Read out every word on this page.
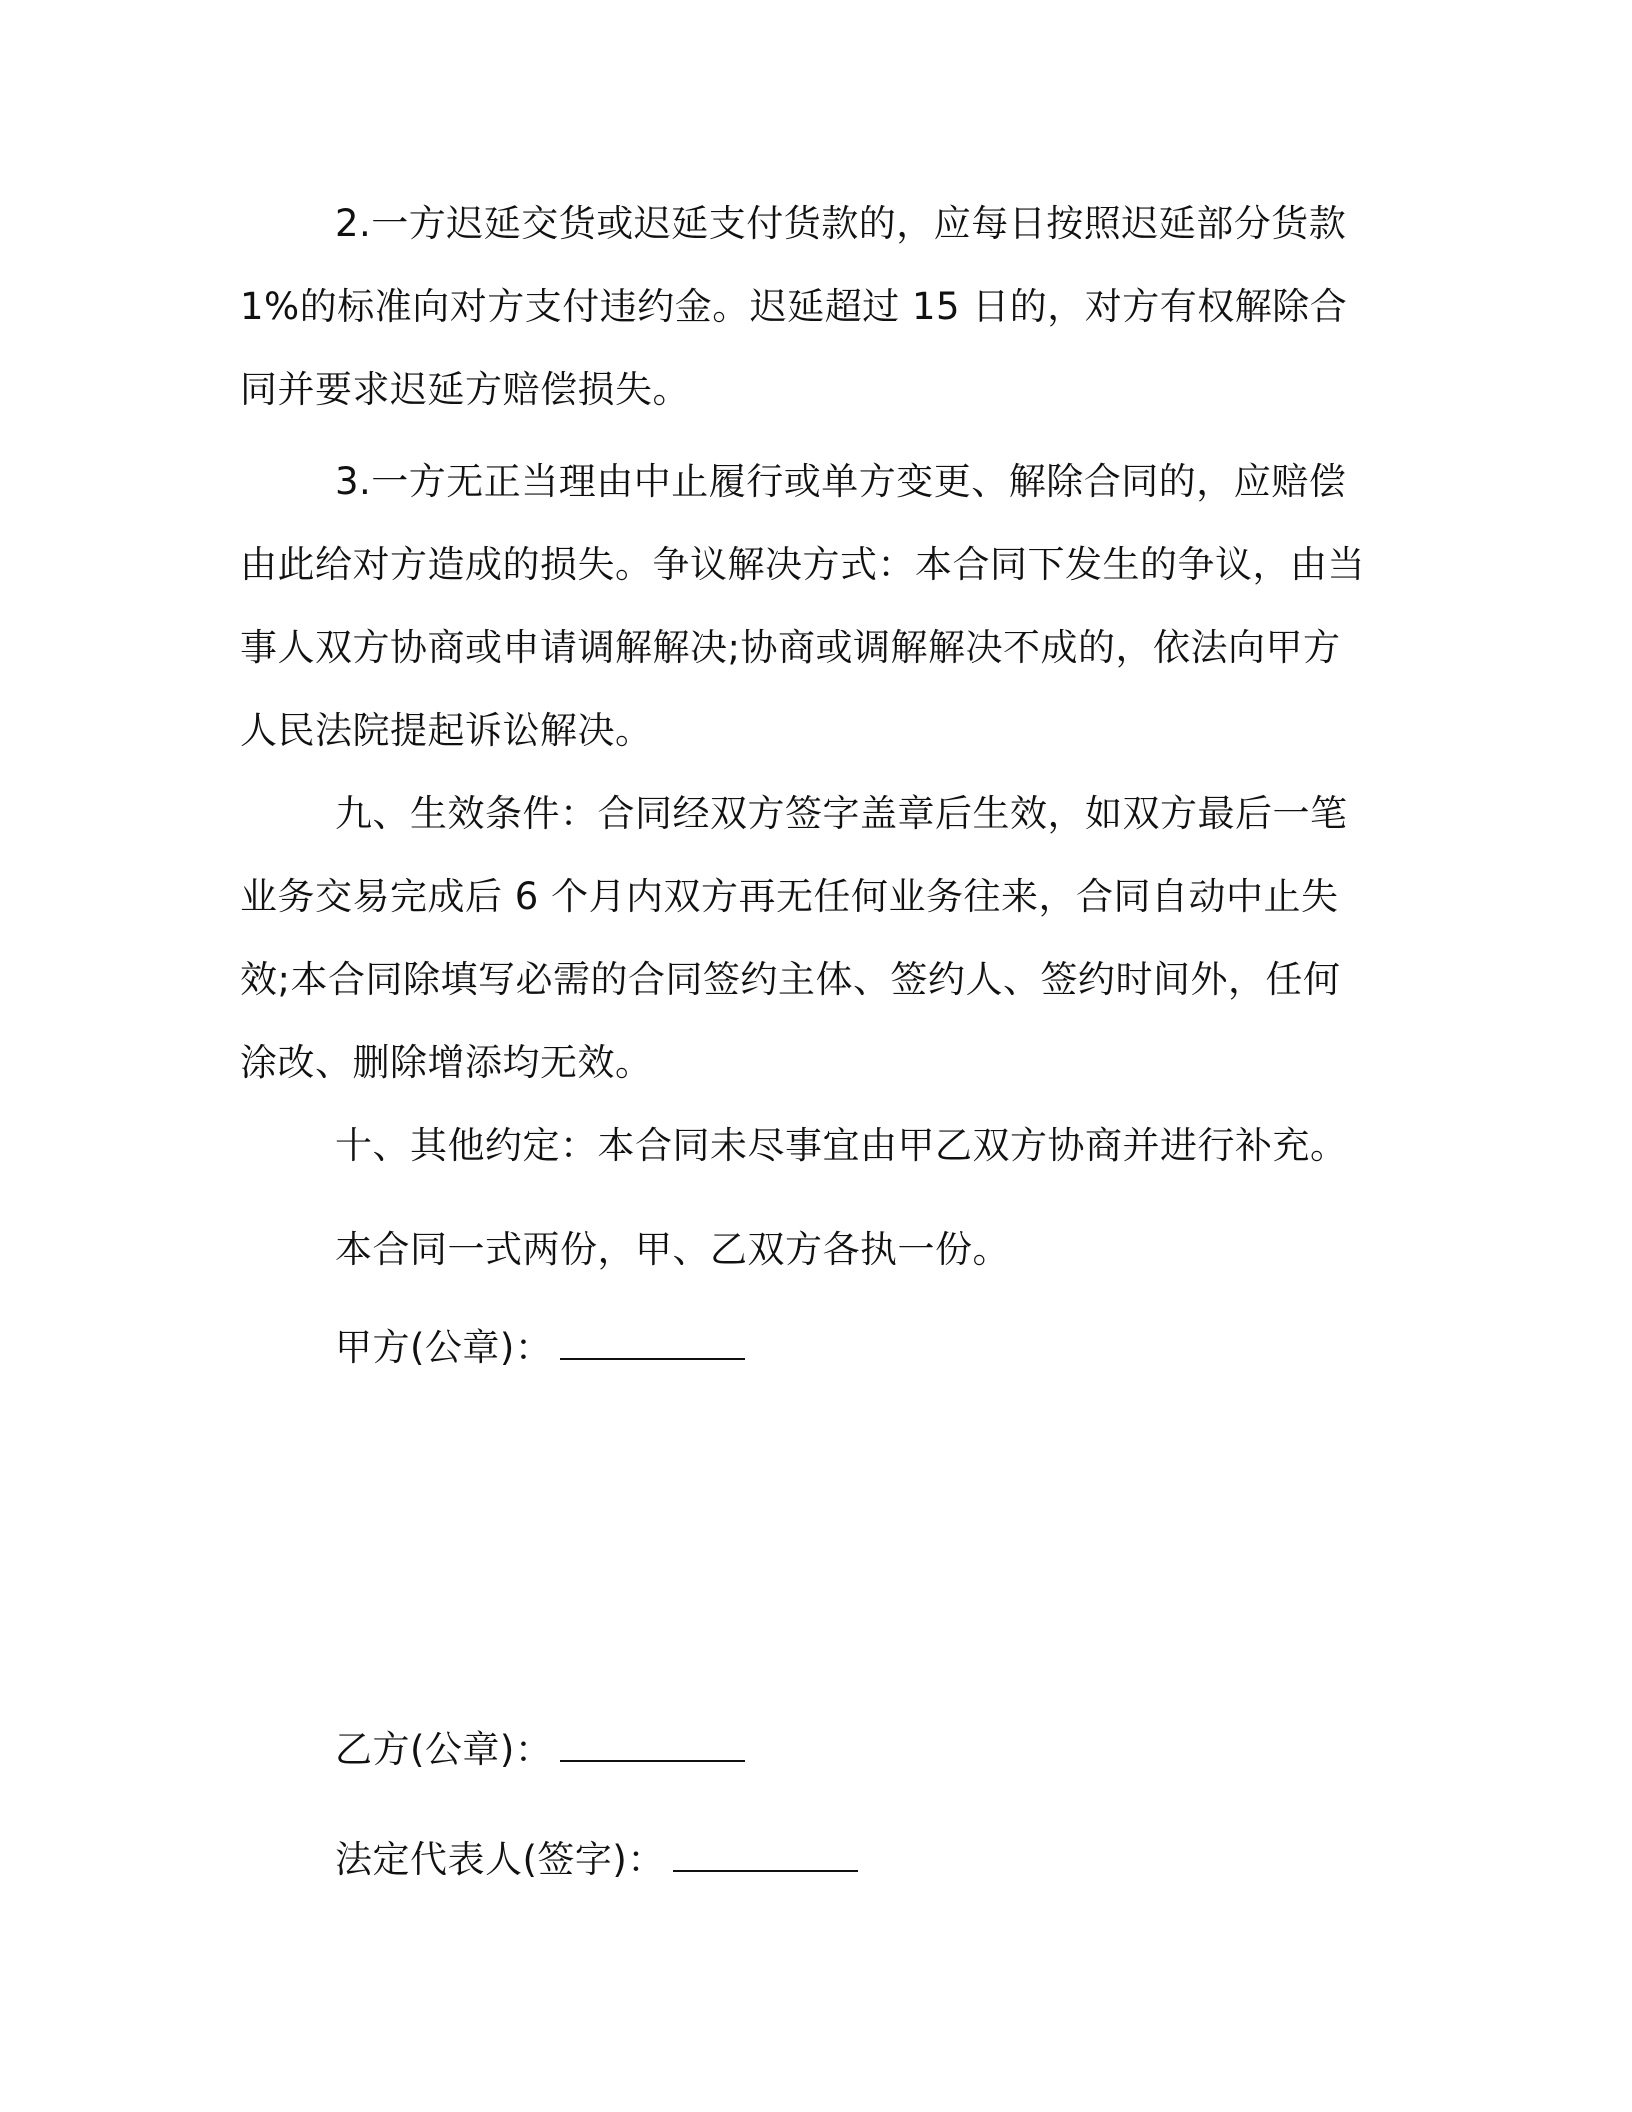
2.一方迟延交货或迟延支付货款的，应每日按照迟延部分货款1%的标准向对方支付违约金。迟延超过 15 日的，对方有权解除合同并要求迟延方赔偿损失。

3.一方无正当理由中止履行或单方变更、解除合同的，应赔偿由此给对方造成的损失。争议解决方式：本合同下发生的争议，由当事人双方协商或申请调解解决;协商或调解解决不成的，依法向甲方人民法院提起诉讼解决。

九、生效条件：合同经双方签字盖章后生效，如双方最后一笔业务交易完成后 6 个月内双方再无任何业务往来，合同自动中止失效;本合同除填写必需的合同签约主体、签约人、签约时间外，任何涂改、删除增添均无效。

十、其他约定：本合同未尽事宜由甲乙双方协商并进行补充。

本合同一式两份，甲、乙双方各执一份。

甲方(公章)：
乙方(公章)：
法定代表人(签字)：
